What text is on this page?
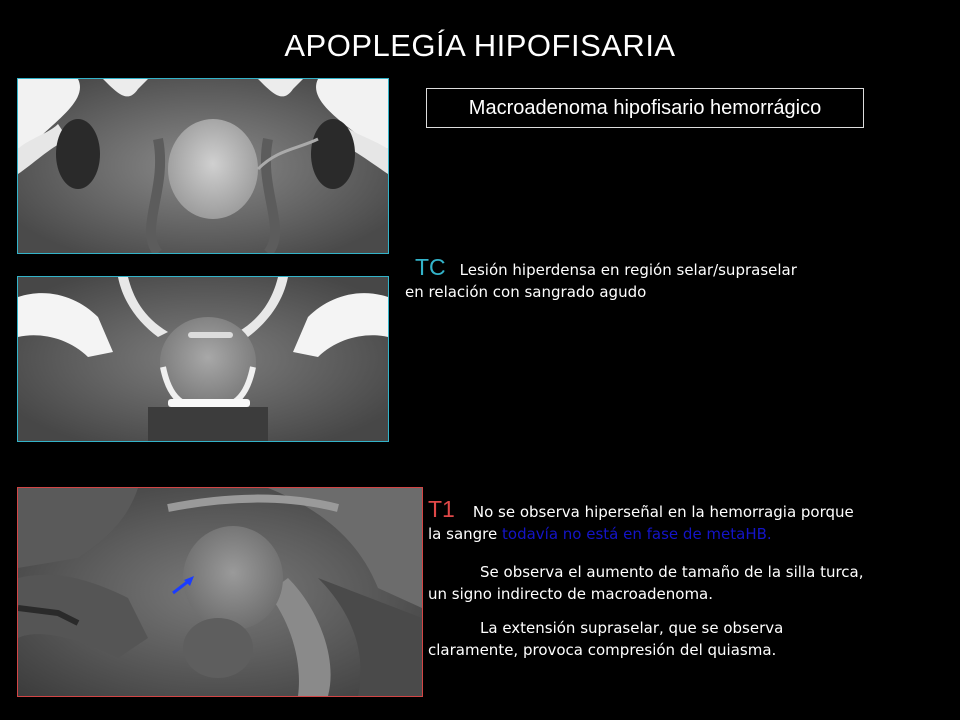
APOPLEGÍA HIPOFISARIA
Macroadenoma hipofisario hemorrágico
TC Lesión hiperdensa en región selar/supraselar
en relación con sangrado agudo
T1 No se observa hiperseñal en la hemorragia porque
la sangre todavía no está en fase de metaHB.
Se observa el aumento de tamaño de la silla turca,
un signo indirecto de macroadenoma.
La extensión supraselar, que se observa
claramente, provoca compresión del quiasma.
